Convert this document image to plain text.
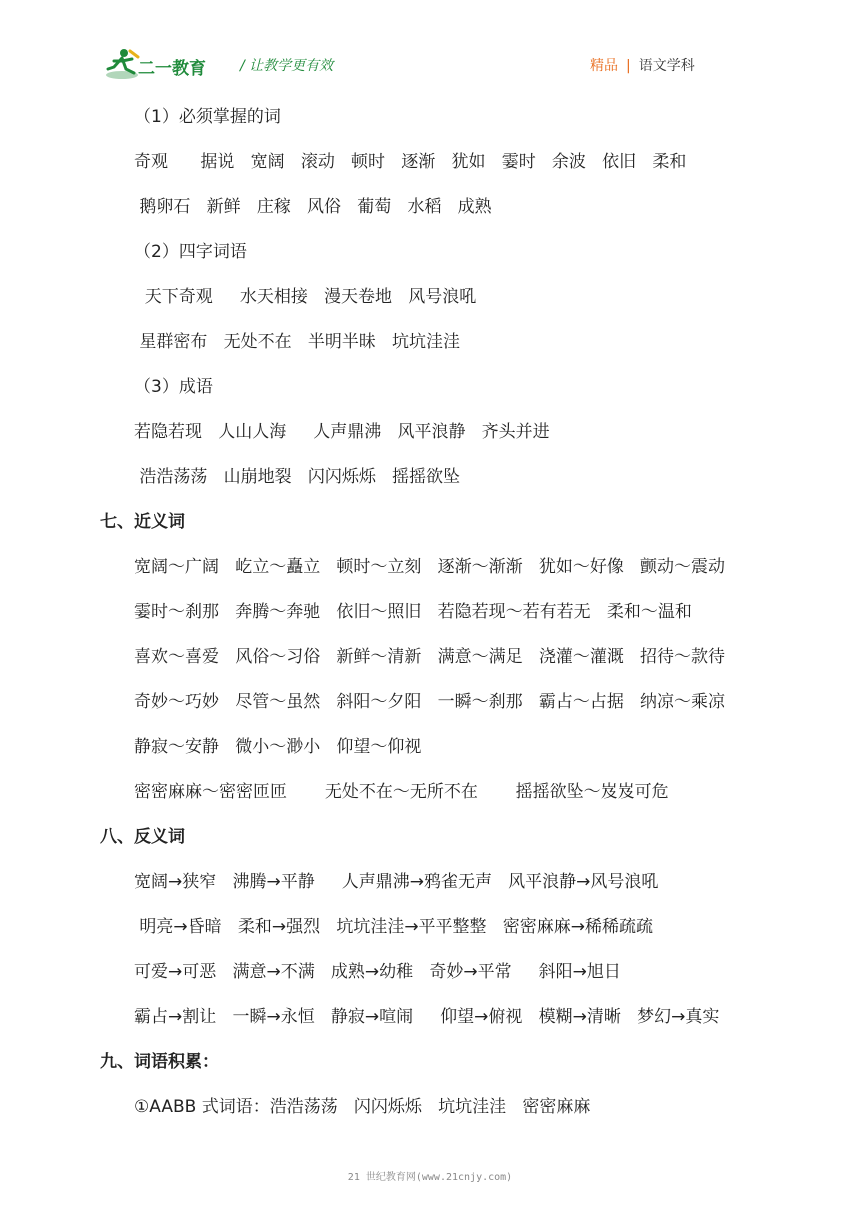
二一教育 / 让教学更有效	精品 | 语文学科
（1）必须掌握的词
奇观      据说   宽阔   滚动   顿时   逐渐   犹如   霎时   余波   依旧   柔和
鹅卵石   新鲜   庄稼   风俗   葡萄   水稻   成熟
（2）四字词语
天下奇观     水天相接   漫天卷地   风号浪吼
星群密布   无处不在   半明半昧   坑坑洼洼
（3）成语
若隐若现   人山人海     人声鼎沸   风平浪静   齐头并进
浩浩荡荡   山崩地裂   闪闪烁烁   摇摇欲坠
七、近义词
宽阔～广阔   屹立～矗立   顿时～立刻   逐渐～渐渐   犹如～好像   颤动～震动
霎时～刹那   奔腾～奔驰   依旧～照旧   若隐若现～若有若无   柔和～温和
喜欢～喜爱   风俗～习俗   新鲜～清新   满意～满足   浇灌～灌溉   招待～款待
奇妙～巧妙   尽管～虽然   斜阳～夕阳   一瞬～刹那   霸占～占据   纳凉～乘凉
静寂～安静   微小～渺小   仰望～仰视
密密麻麻～密密匝匝       无处不在～无所不在       摇摇欲坠～岌岌可危
八、反义词
宽阔→狭窄   沸腾→平静     人声鼎沸→鸦雀无声   风平浪静→风号浪吼
明亮→昏暗   柔和→强烈   坑坑洼洼→平平整整   密密麻麻→稀稀疏疏
可爱→可恶   满意→不满   成熟→幼稚   奇妙→平常     斜阳→旭日
霸占→割让   一瞬→永恒   静寂→喧闹     仰望→俯视   模糊→清晰   梦幻→真实
九、词语积累：
①AABB 式词语：浩浩荡荡   闪闪烁烁   坑坑洼洼   密密麻麻
21 世纪教育网(www.21cnjy.com)
